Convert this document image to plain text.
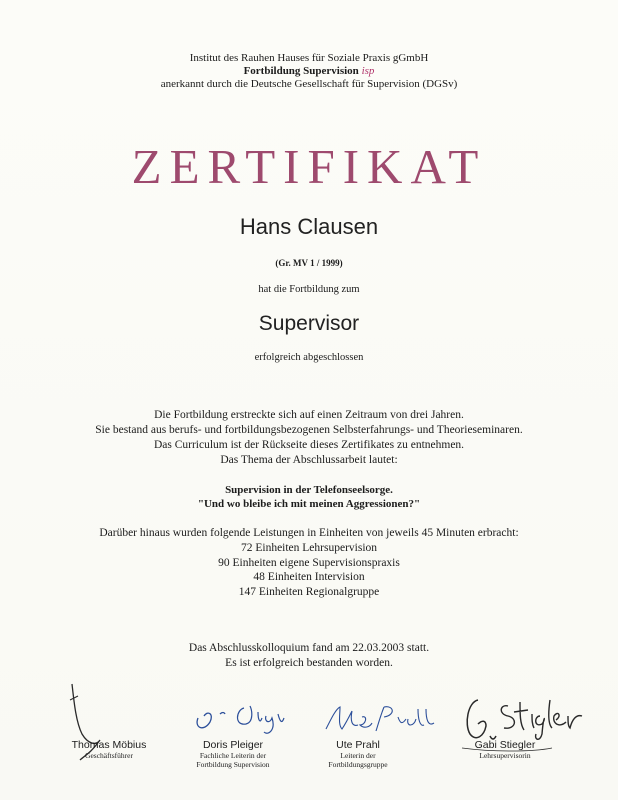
Institut des Rauhen Hauses für Soziale Praxis gGmbH
Fortbildung Supervision isp
anerkannt durch die Deutsche Gesellschaft für Supervision (DGSv)
ZERTIFIKAT
Hans Clausen
(Gr. MV 1 / 1999)
hat die Fortbildung zum
Supervisor
erfolgreich abgeschlossen
Die Fortbildung erstreckte sich auf einen Zeitraum von drei Jahren.
Sie bestand aus berufs- und fortbildungsbezogenen Selbsterfahrungs- und Theorieseminaren.
Das Curriculum ist der Rückseite dieses Zertifikates zu entnehmen.
Das Thema der Abschlussarbeit lautet:
Supervision in der Telefonseelsorge.
"Und wo bleibe ich mit meinen Aggressionen?"
Darüber hinaus wurden folgende Leistungen in Einheiten von jeweils 45 Minuten erbracht:
72 Einheiten Lehrsupervision
90 Einheiten eigene Supervisionspraxis
48 Einheiten Intervision
147 Einheiten Regionalgruppe
Das Abschlusskolloquium fand am 22.03.2003 statt.
Es ist erfolgreich bestanden worden.
Thomas Möbius
Geschäftsführer
Doris Pleiger
Fachliche Leiterin der
Fortbildung Supervision
Ute Prahl
Leiterin der
Fortbildungsgruppe
Gabi Stiegler
Lehrsupervisorin
